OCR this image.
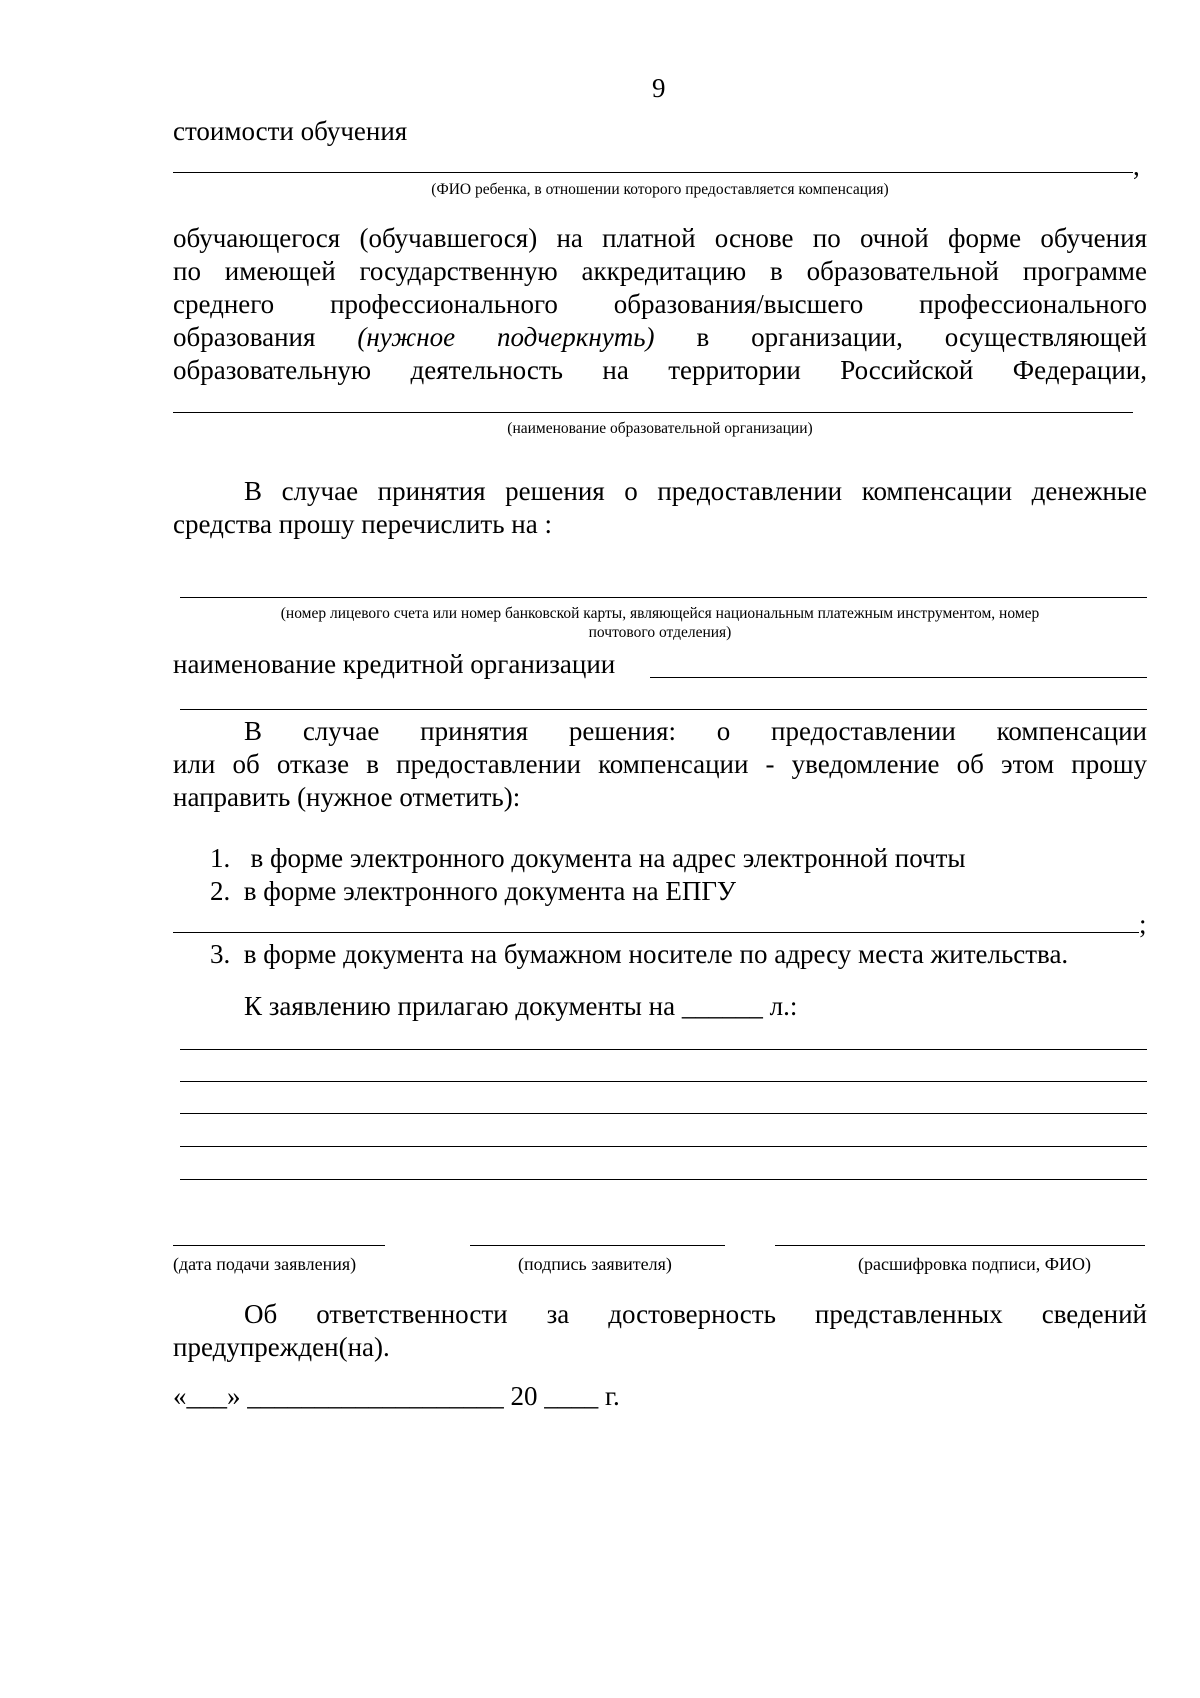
9
стоимости обучения
,
(ФИО ребенка, в отношении которого предоставляется компенсация)
обучающегося (обучавшегося) на платной основе по очной форме обучения
по имеющей государственную аккредитацию в образовательной программе
среднего профессионального образования/высшего профессионального
образования (нужное подчеркнуть) в организации, осуществляющей
образовательную деятельность на территории Российской Федерации,
(наименование образовательной организации)
В случае принятия решения о предоставлении компенсации денежные
средства прошу перечислить на :
(номер лицевого счета или номер банковской карты, являющейся национальным платежным инструментом, номер
почтового отделения)
наименование кредитной организации
В случае принятия решения: о предоставлении компенсации
или об отказе в предоставлении компенсации - уведомление об этом прошу
направить (нужное отметить):
1. в форме электронного документа на адрес электронной почты
2. в форме электронного документа на ЕПГУ
;
3. в форме документа на бумажном носителе по адресу места жительства.
К заявлению прилагаю документы на ______ л.:
(дата подачи заявления)	(подпись заявителя)	(расшифровка подписи, ФИО)
Об ответственности за достоверность представленных сведений
предупрежден(на).
«___» ___________________ 20 ____ г.
